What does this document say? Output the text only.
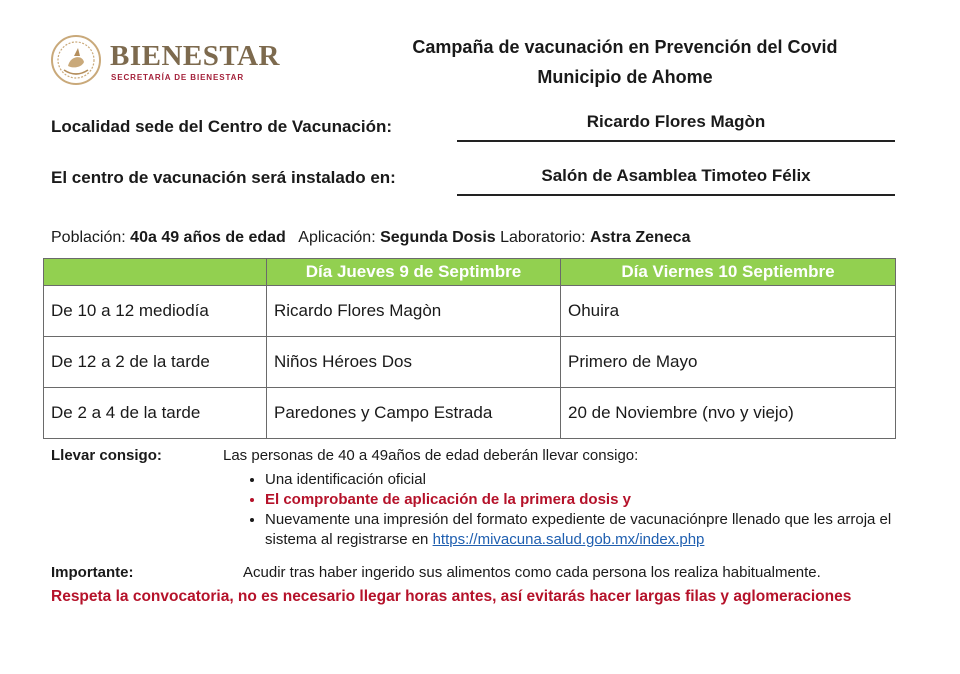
BIENESTAR
SECRETARÍA DE BIENESTAR
Campaña de vacunación en Prevención del Covid
Municipio de Ahome
Localidad sede del Centro de Vacunación:	Ricardo Flores Magòn
El centro de vacunación será instalado en:	Salón de Asamblea Timoteo Félix
Población: 40a 49 años de edad Aplicación: Segunda Dosis Laboratorio: Astra Zeneca
	Día Jueves 9 de Septimbre	Día Viernes 10 Septiembre
De 10 a 12 mediodía	Ricardo Flores Magòn	Ohuira
De 12 a 2 de la tarde	Niños Héroes Dos	Primero de Mayo
De 2 a 4 de la tarde	Paredones y Campo Estrada	20 de Noviembre (nvo y viejo)
Llevar consigo:	Las personas de 40 a 49años de edad deberán llevar consigo:
• Una identificación oficial
• El comprobante de aplicación de la primera dosis y
• Nuevamente una impresión del formato expediente de vacunaciónpre llenado que les arroja el sistema al registrarse en https://mivacuna.salud.gob.mx/index.php
Importante:	Acudir tras haber ingerido sus alimentos como cada persona los realiza habitualmente.
Respeta la convocatoria, no es necesario llegar horas antes, así evitarás hacer largas filas y aglomeraciones
